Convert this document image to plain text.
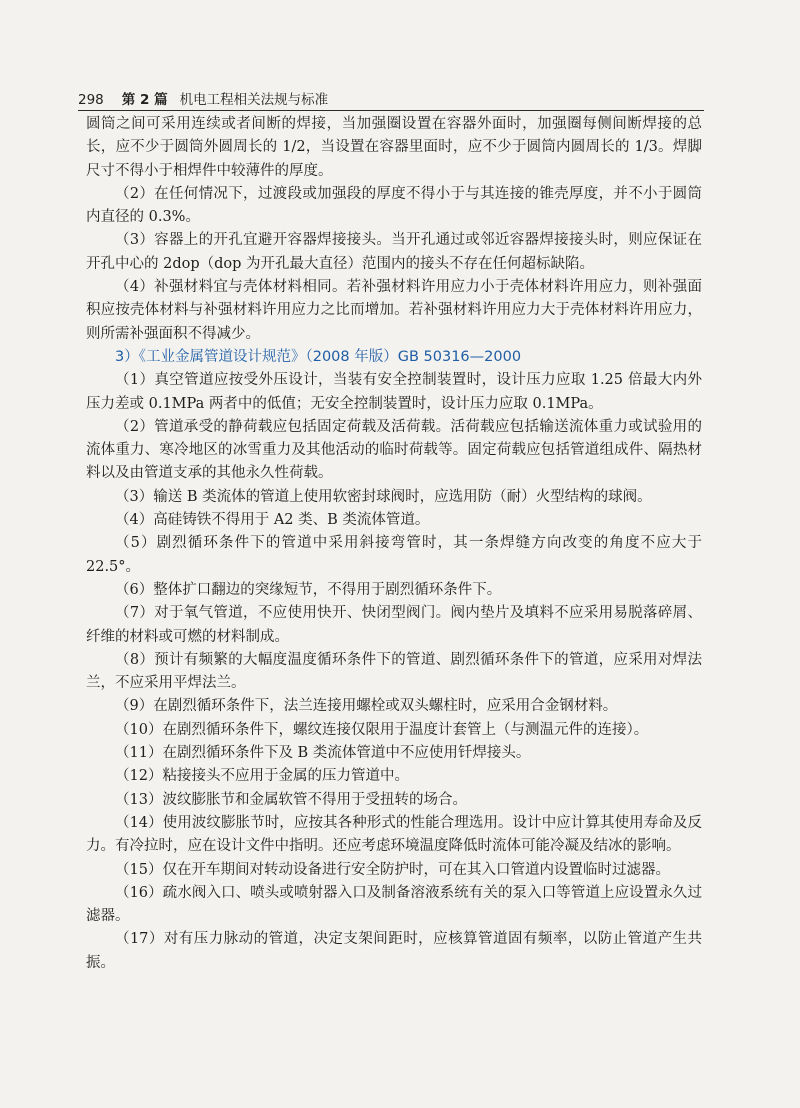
298 第 2 篇 机电工程相关法规与标准

圆筒之间可采用连续或者间断的焊接，当加强圈设置在容器外面时，加强圈每侧间断焊接的总长，应不少于圆筒外圆周长的 1/2，当设置在容器里面时，应不少于圆筒内圆周长的 1/3。焊脚尺寸不得小于相焊件中较薄件的厚度。

（2）在任何情况下，过渡段或加强段的厚度不得小于与其连接的锥壳厚度，并不小于圆筒内直径的 0.3%。

（3）容器上的开孔宜避开容器焊接接头。当开孔通过或邻近容器焊接接头时，则应保证在开孔中心的 2dop（dop 为开孔最大直径）范围内的接头不存在任何超标缺陷。

（4）补强材料宜与壳体材料相同。若补强材料许用应力小于壳体材料许用应力，则补强面积应按壳体材料与补强材料许用应力之比而增加。若补强材料许用应力大于壳体材料许用应力，则所需补强面积不得减少。

3）《工业金属管道设计规范》（2008 年版）GB 50316—2000

（1）真空管道应按受外压设计，当装有安全控制装置时，设计压力应取 1.25 倍最大内外压力差或 0.1MPa 两者中的低值；无安全控制装置时，设计压力应取 0.1MPa。

（2）管道承受的静荷载应包括固定荷载及活荷载。活荷载应包括输送流体重力或试验用的流体重力、寒冷地区的冰雪重力及其他活动的临时荷载等。固定荷载应包括管道组成件、隔热材料以及由管道支承的其他永久性荷载。

（3）输送 B 类流体的管道上使用软密封球阀时，应选用防（耐）火型结构的球阀。

（4）高硅铸铁不得用于 A2 类、B 类流体管道。

（5）剧烈循环条件下的管道中采用斜接弯管时，其一条焊缝方向改变的角度不应大于 22.5°。

（6）整体扩口翻边的突缘短节，不得用于剧烈循环条件下。

（7）对于氧气管道，不应使用快开、快闭型阀门。阀内垫片及填料不应采用易脱落碎屑、纤维的材料或可燃的材料制成。

（8）预计有频繁的大幅度温度循环条件下的管道、剧烈循环条件下的管道，应采用对焊法兰，不应采用平焊法兰。

（9）在剧烈循环条件下，法兰连接用螺栓或双头螺柱时，应采用合金钢材料。

（10）在剧烈循环条件下，螺纹连接仅限用于温度计套管上（与测温元件的连接）。

（11）在剧烈循环条件下及 B 类流体管道中不应使用钎焊接头。

（12）粘接接头不应用于金属的压力管道中。

（13）波纹膨胀节和金属软管不得用于受扭转的场合。

（14）使用波纹膨胀节时，应按其各种形式的性能合理选用。设计中应计算其使用寿命及反力。有冷拉时，应在设计文件中指明。还应考虑环境温度降低时流体可能冷凝及结冰的影响。

（15）仅在开车期间对转动设备进行安全防护时，可在其入口管道内设置临时过滤器。

（16）疏水阀入口、喷头或喷射器入口及制备溶液系统有关的泵入口等管道上应设置永久过滤器。

（17）对有压力脉动的管道，决定支架间距时，应核算管道固有频率，以防止管道产生共振。
